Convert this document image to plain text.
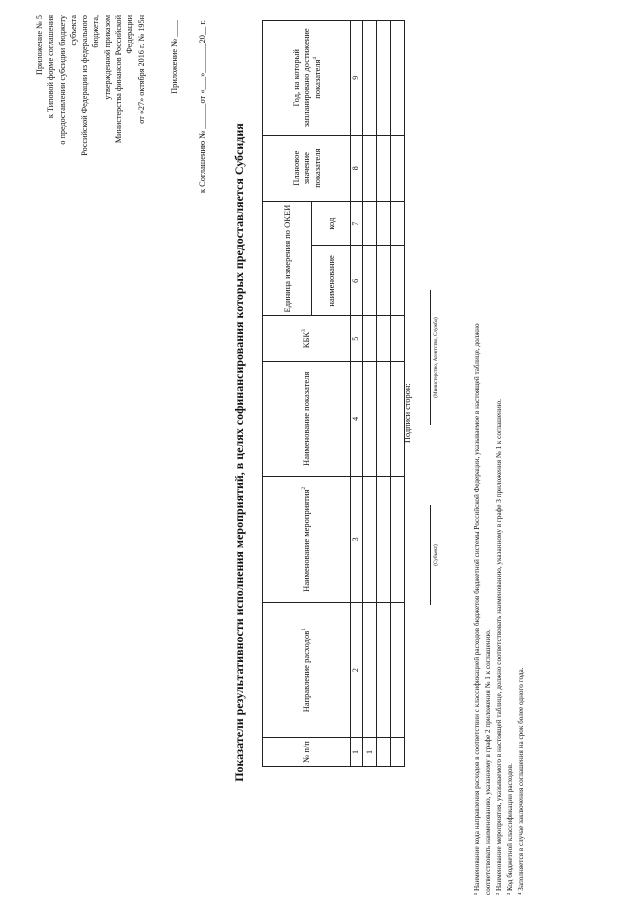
Приложение № 5 к Типовой форме соглашения о предоставлении субсидии бюджету субъекта Российской Федерации из федерального бюджета, утвержденной приказом Министерства финансов Российской Федерации от «27» октября 2016 г. № 195н	Приложение № ____ к Соглашению № ______от «___»_______20__ г.
Показатели результативности исполнения мероприятий, в целях софинансирования которых предоставляется Субсидия	№ п/п	Направление расходов$^1$	Наименование мероприятия$^2$	Наименование показателя	КБК$^3$	Единица измерения по ОКЕИ		Плановое значение показателя	Год, на который запланировано достижение показателя$^4$
					наименование	код		
1	2	3	4	5	6	7	8	9
1								

Подписи сторон:
(Субъект)
(Министерство, Агентство, Служба)	¹ Наименование кода направления расходов в соответствии с классификацией расходов бюджетов бюджетной системы Российской Федерации, указываемое в настоящей таблице, должно соответствовать наименованию, указанному в графе 2 приложения № 1 к соглашению. ² Наименование мероприятия, указываемого в настоящей таблице, должно соответствовать наименованию, указанному в графе 3 приложения № 1 к соглашению. ³ Код бюджетной классификации расходов. ⁴ Заполняется в случае заключения соглашения на срок более одного года.
